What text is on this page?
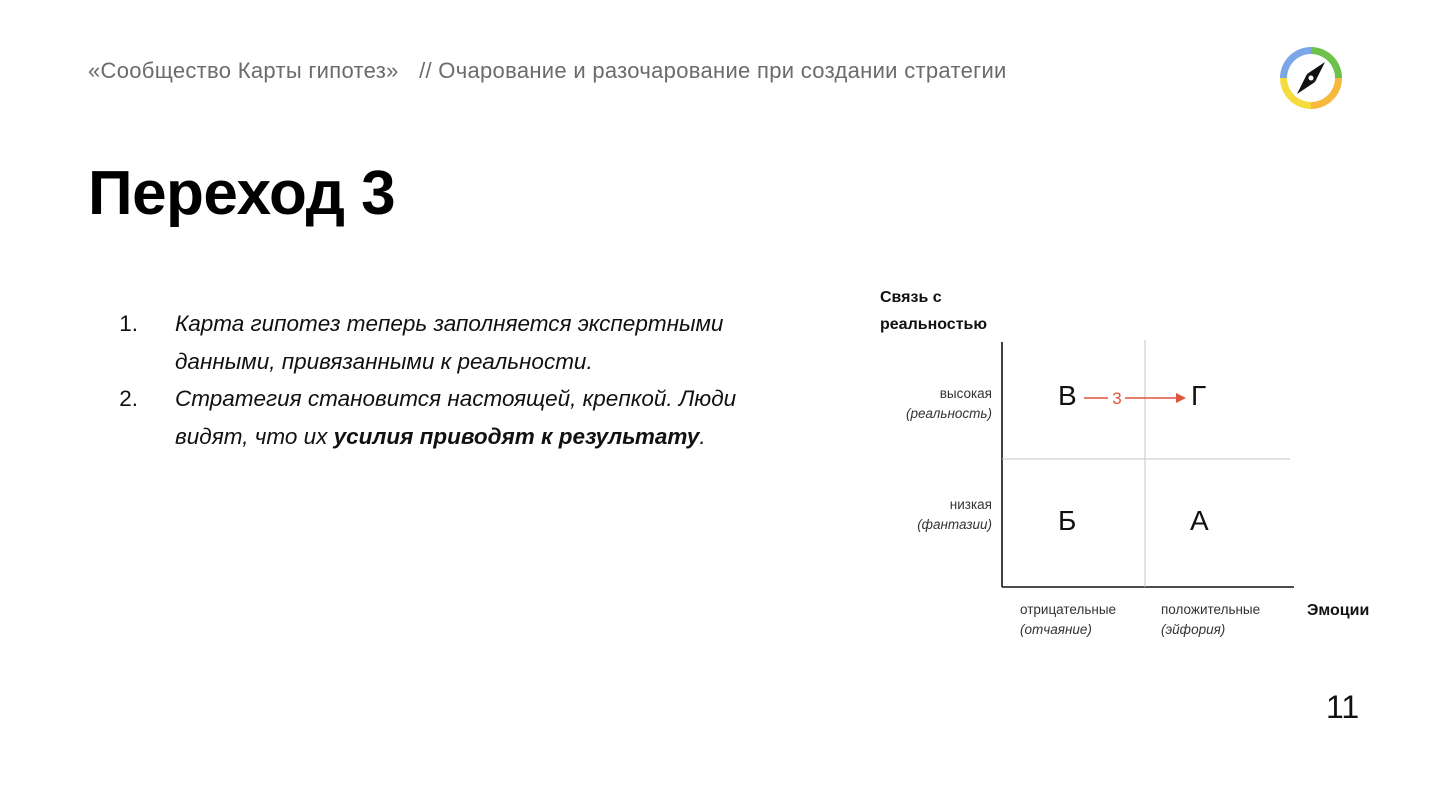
«Сообщество Карты гипотез» // Очарование и разочарование при создании стратегии
Переход 3
1. Карта гипотез теперь заполняется экспертными данными, привязанными к реальности.
2. Стратегия становится настоящей, крепкой. Люди видят, что их усилия приводят к результату.
Связь с
реальностью
3
высокая
(реальность)
низкая
(фантазии)
В	Г
Б	А
отрицательные
(отчаяние)
положительные
(эйфория)
Эмоции
11
